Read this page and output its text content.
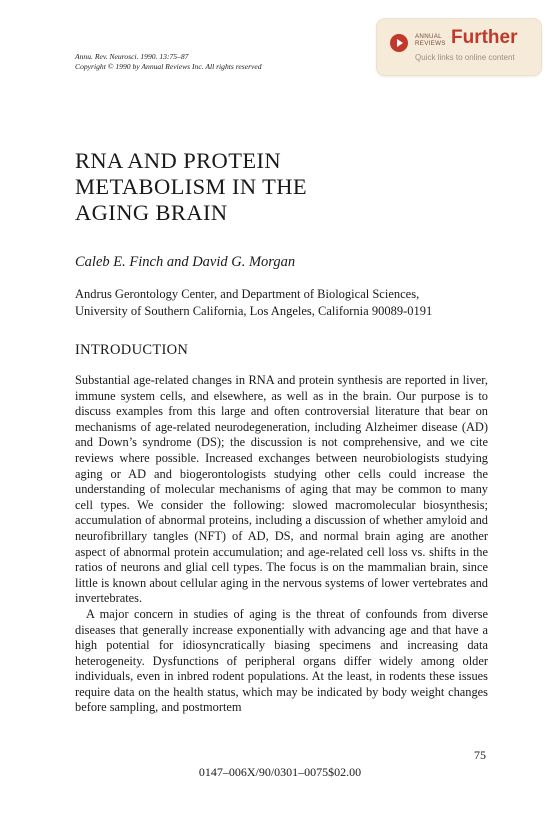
Annu. Rev. Neurosci. 1990. 13:75–87
Copyright © 1990 by Annual Reviews Inc. All rights reserved
ANNUAL REVIEWS Further
Quick links to online content
RNA AND PROTEIN
METABOLISM IN THE
AGING BRAIN
Caleb E. Finch and David G. Morgan
Andrus Gerontology Center, and Department of Biological Sciences,
University of Southern California, Los Angeles, California 90089-0191
INTRODUCTION

Substantial age-related changes in RNA and protein synthesis are reported in liver, immune system cells, and elsewhere, as well as in the brain. Our purpose is to discuss examples from this large and often controversial literature that bear on mechanisms of age-related neurodegeneration, including Alzheimer disease (AD) and Down’s syndrome (DS); the discussion is not comprehensive, and we cite reviews where possible. Increased exchanges between neurobiologists studying aging or AD and biogerontologists studying other cells could increase the understanding of molecular mechanisms of aging that may be common to many cell types. We consider the following: slowed macromolecular biosynthesis; accumulation of abnormal proteins, including a discussion of whether amyloid and neurofibrillary tangles (NFT) of AD, DS, and normal brain aging are another aspect of abnormal protein accumulation; and age-related cell loss vs. shifts in the ratios of neurons and glial cell types. The focus is on the mammalian brain, since little is known about cellular aging in the nervous systems of lower vertebrates and invertebrates.

A major concern in studies of aging is the threat of confounds from diverse diseases that generally increase exponentially with advancing age and that have a high potential for idiosyncratically biasing specimens and increasing data heterogeneity. Dysfunctions of peripheral organs differ widely among older individuals, even in inbred rodent populations. At the least, in rodents these issues require data on the health status, which may be indicated by body weight changes before sampling, and postmortem

75
0147–006X/90/0301–0075$02.00
